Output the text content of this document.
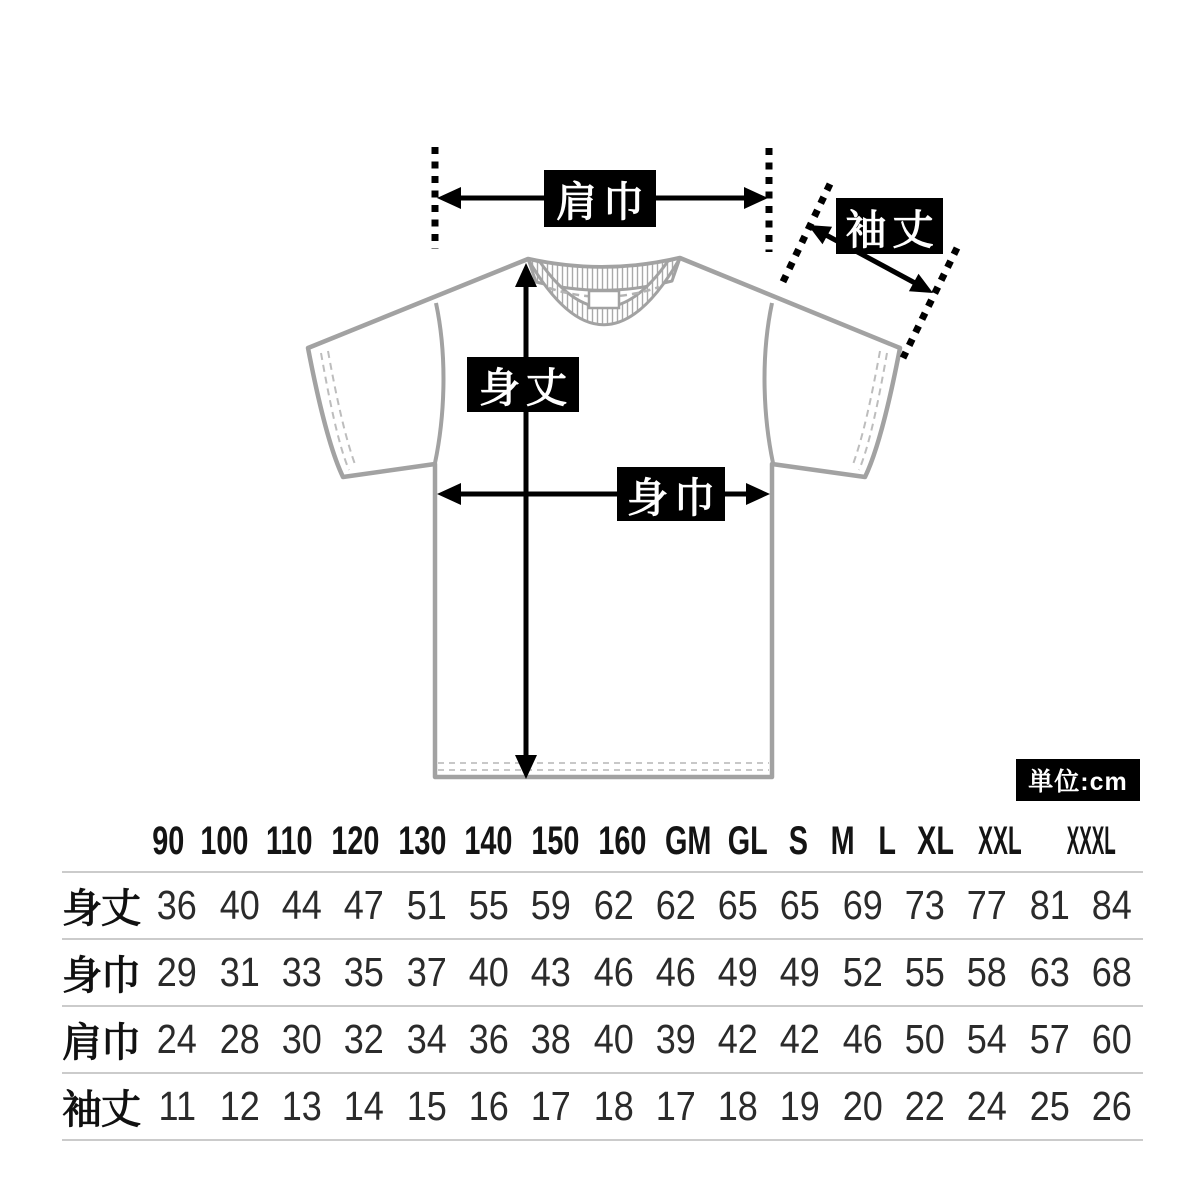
肩巾
袖丈
身丈
身巾
単位:cm
90 100 110 120 130 140 150 160 GM GL S M L XL XXL	XXXL
身丈 36 40 44 47 51 55 59 62 62 65 65 69 73 77 81 84
身巾 29 31 33 35 37 40 43 46 46 49 49 52 55 58 63 68
肩巾 24 28 30 32 34 36 38 40 39 42 42 46 50 54 57 60
袖丈 11 12 13 14 15 16 17 18 17 18 19 20 22 24 25 26
